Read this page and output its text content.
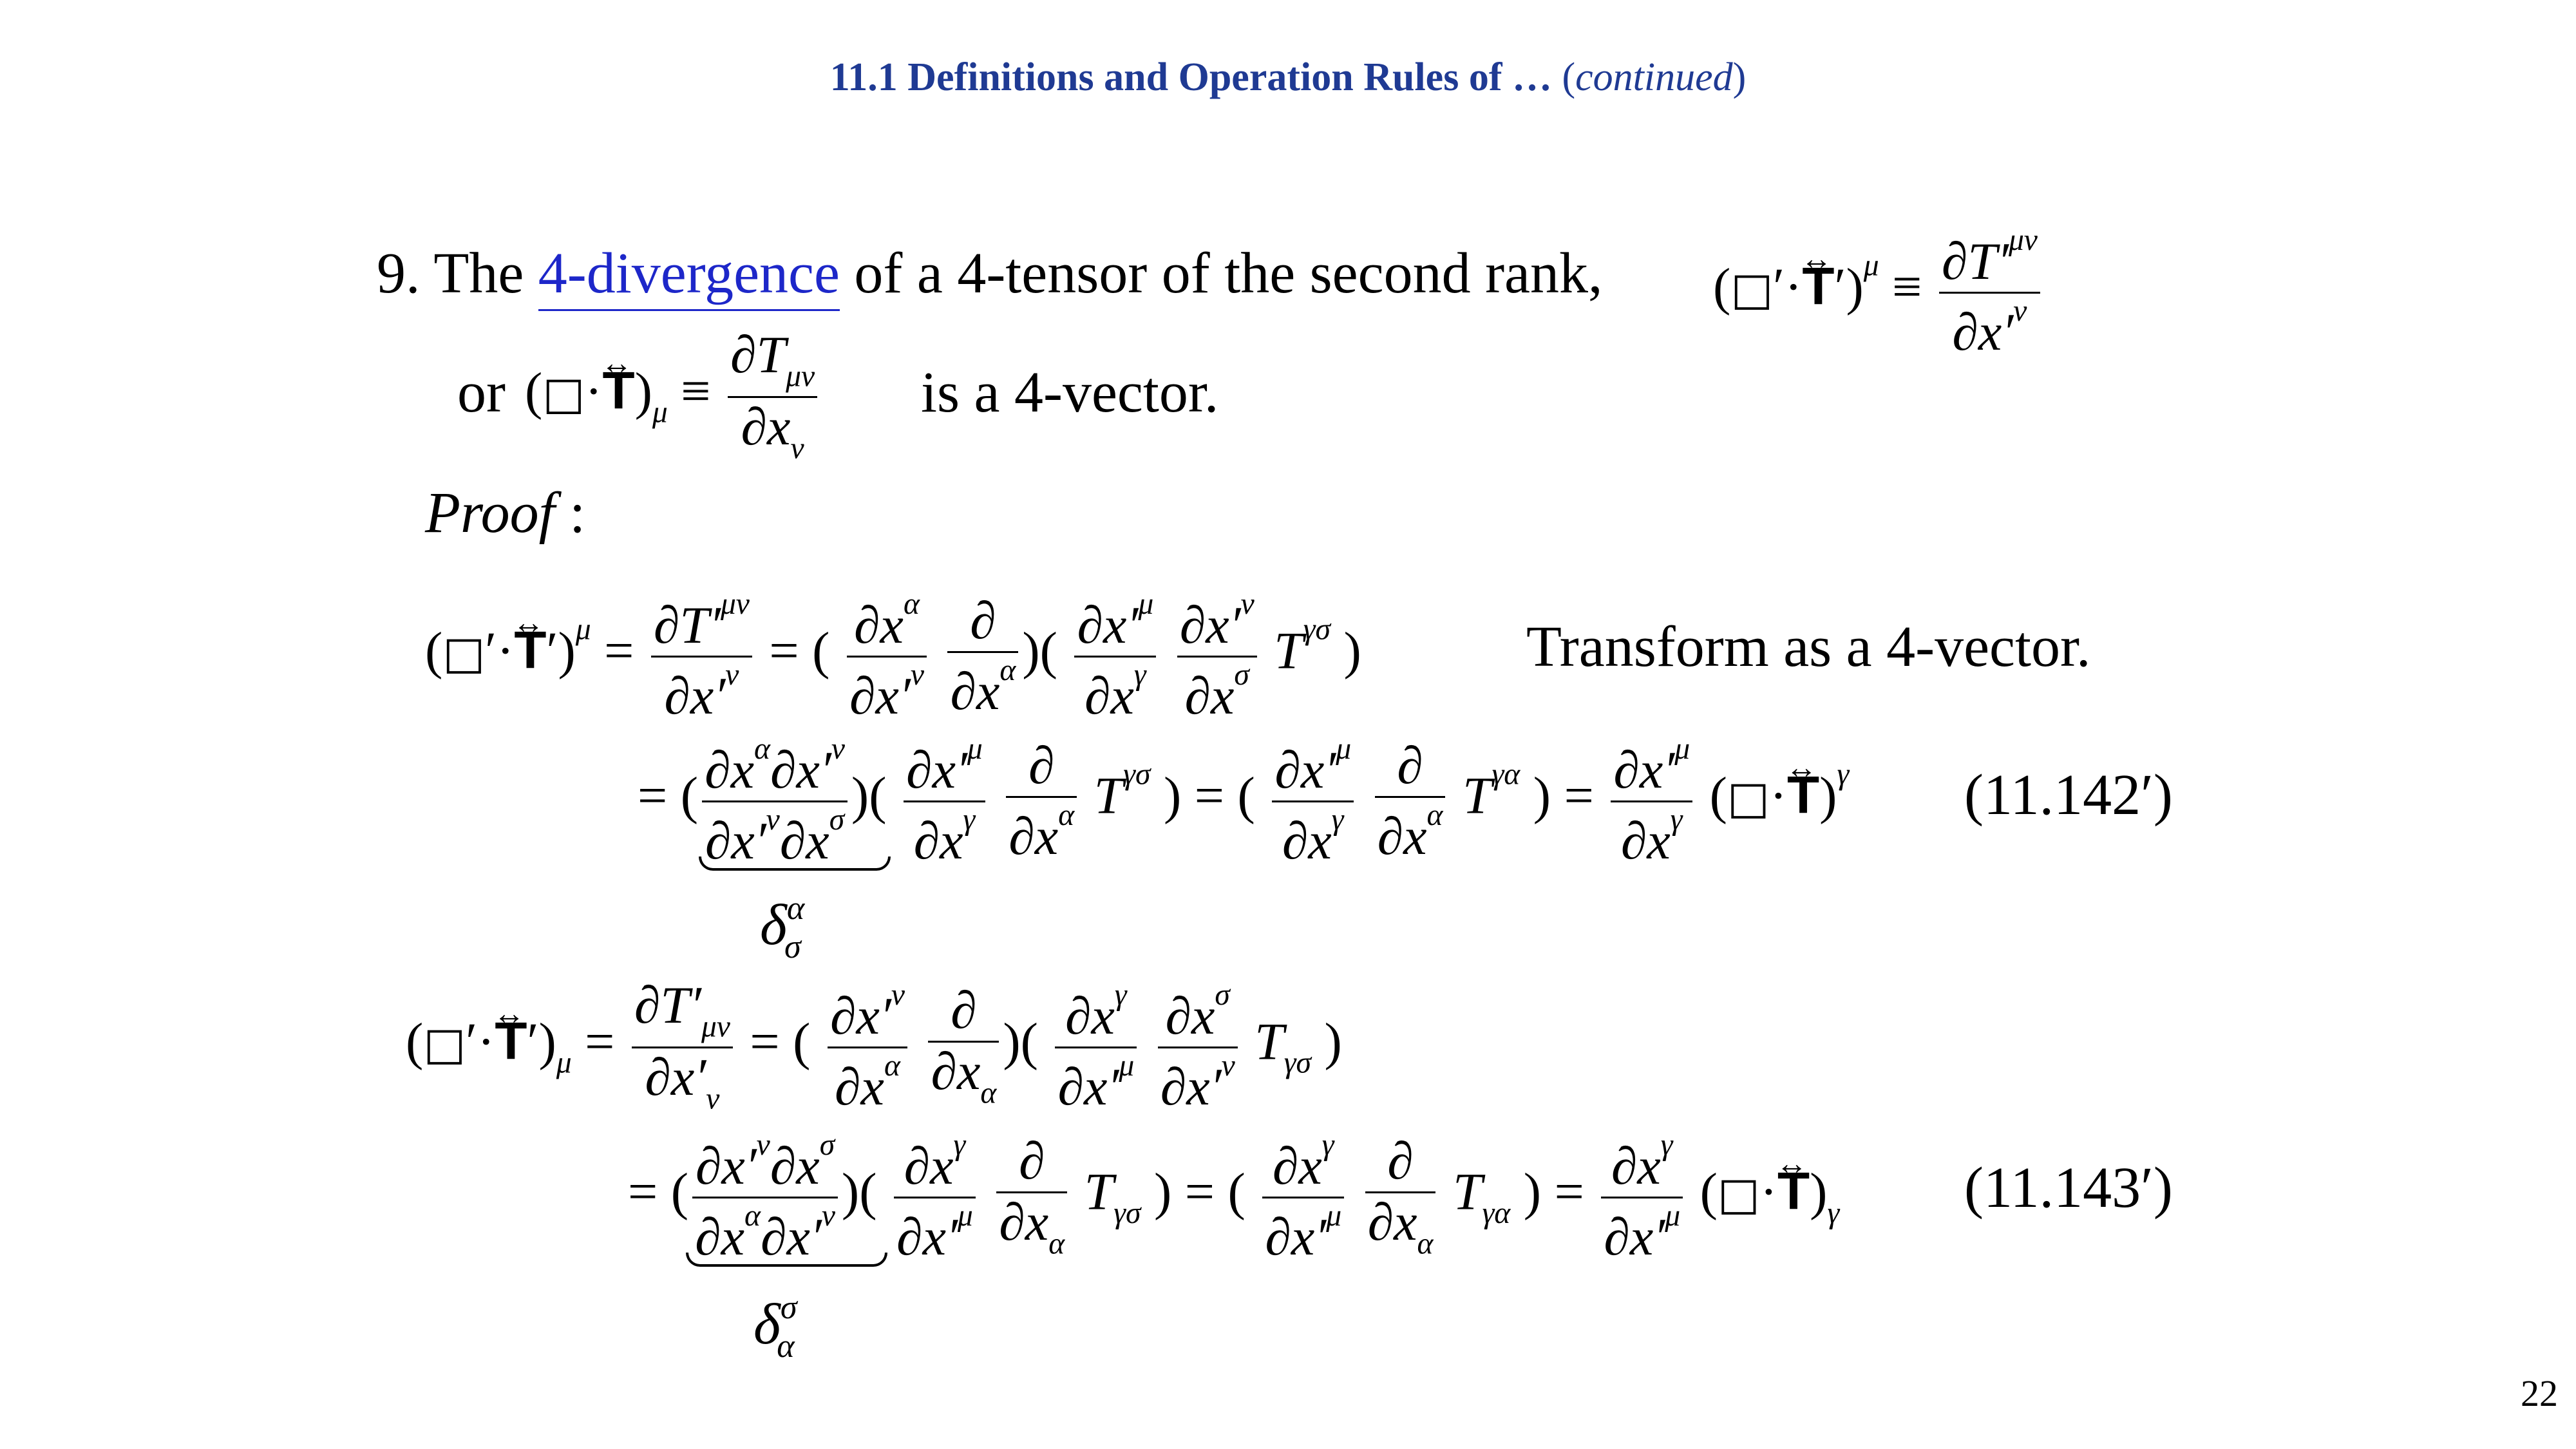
11.1 Definitions and Operation Rules of … (continued)
9. The 4-divergence of a 4-tensor of the second rank, (□′·↔ $T')^\mu \equiv \frac{\partial T'^{\mu\nu}}{\partial x'^\nu}$
or (□·↔ $T)_\mu \equiv \frac{\partial T_{\mu\nu}}{\partial x_\nu}$ is a 4-vector.
Proof :
(□′·↔ $T')^\mu = \frac{\partial T'^{\mu\nu}}{\partial x'^\nu}$ = ( $\frac{\partial x^\alpha}{\partial x'^\nu}$
$\frac{\partial}{\partial x^\alpha}$ )( $\frac{\partial x'^\mu}{\partial x^\gamma}$
$\frac{\partial x'^\nu}{\partial x^\sigma} T^{\gamma\sigma}$ )	Transform as a 4-vector.
= ( $\frac{\partial x^\alpha\partial x'^\nu}{\partial x'^\nu\partial x^\sigma}$ )( $\frac{\partial x'^\mu}{\partial x^\gamma}$
$\frac{\partial}{\partial x^\alpha} T^{\gamma\sigma}$ ) = ( $\frac{\partial x'^\mu}{\partial x^\gamma}$
$\frac{\partial}{\partial x^\alpha} T^{\gamma\alpha}$ ) = $\frac{\partial x'^\mu}{\partial x^\gamma}$ (□·↔ T)$^\gamma$
$\delta^\alpha_\sigma$
(11.142′)
(□′·↔ $T')_\mu = \frac{\partial T'_{\mu\nu}}{\partial x'_\nu}$ = ( $\frac{\partial x'^\nu}{\partial x^\alpha}$
$\frac{\partial}{\partial x_\alpha}$ )( $\frac{\partial x^\gamma}{\partial x'^\mu}$
$\frac{\partial x^\sigma}{\partial x'^\nu} T_{\gamma\sigma}$ )
= ( $\frac{\partial x'^\nu\partial x^\sigma}{\partial x^\alpha\partial x'^\nu}$ )( $\frac{\partial x^\gamma}{\partial x'^\mu}$
$\frac{\partial}{\partial x_\alpha} T_{\gamma\sigma}$ ) = ( $\frac{\partial x^\gamma}{\partial x'^\mu}$
$\frac{\partial}{\partial x_\alpha} T_{\gamma\alpha}$ ) = $\frac{\partial x^\gamma}{\partial x'^\mu}$ (□·↔ $T)_\gamma$
$\delta^\sigma_\alpha$
(11.143′)
22
